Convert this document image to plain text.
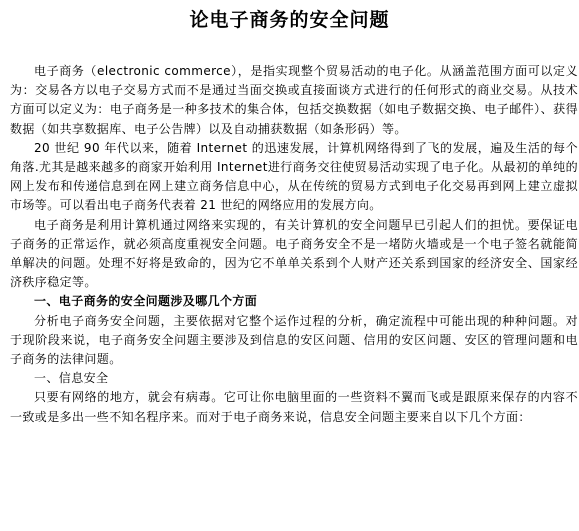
论电子商务的安全问题

电子商务（electronic commerce），是指实现整个贸易活动的电子化。从涵盖范围方面可以定义为：交易各方以电子交易方式而不是通过当面交换或直接面谈方式进行的任何形式的商业交易。从技术方面可以定义为：电子商务是一种多技术的集合体，包括交换数据（如电子数据交换、电子邮件）、获得数据（如共享数据库、电子公告牌）以及自动捕获数据（如条形码）等。

20 世纪 90 年代以来，随着 Internet 的迅速发展，计算机网络得到了飞的发展，遍及生活的每个角落.尤其是越来越多的商家开始利用 Internet进行商务交往使贸易活动实现了电子化。从最初的单纯的网上发布和传递信息到在网上建立商务信息中心，从在传统的贸易方式到电子化交易再到网上建立虚拟市场等。可以看出电子商务代表着 21 世纪的网络应用的发展方向。

电子商务是利用计算机通过网络来实现的，有关计算机的安全问题早已引起人们的担忧。要保证电子商务的正常运作，就必须高度重视安全问题。电子商务安全不是一堵防火墙或是一个电子签名就能简单解决的问题。处理不好将是致命的，因为它不单单关系到个人财产还关系到国家的经济安全、国家经济秩序稳定等。

一、电子商务的安全问题涉及哪几个方面

分析电子商务安全问题，主要依据对它整个运作过程的分析，确定流程中可能出现的种种问题。对于现阶段来说，电子商务安全问题主要涉及到信息的安区问题、信用的安区问题、安区的管理问题和电子商务的法律问题。

一、信息安全

只要有网络的地方，就会有病毒。它可让你电脑里面的一些资料不翼而飞或是跟原来保存的内容不一致或是多出一些不知名程序来。而对于电子商务来说，信息安全问题主要来自以下几个方面：
